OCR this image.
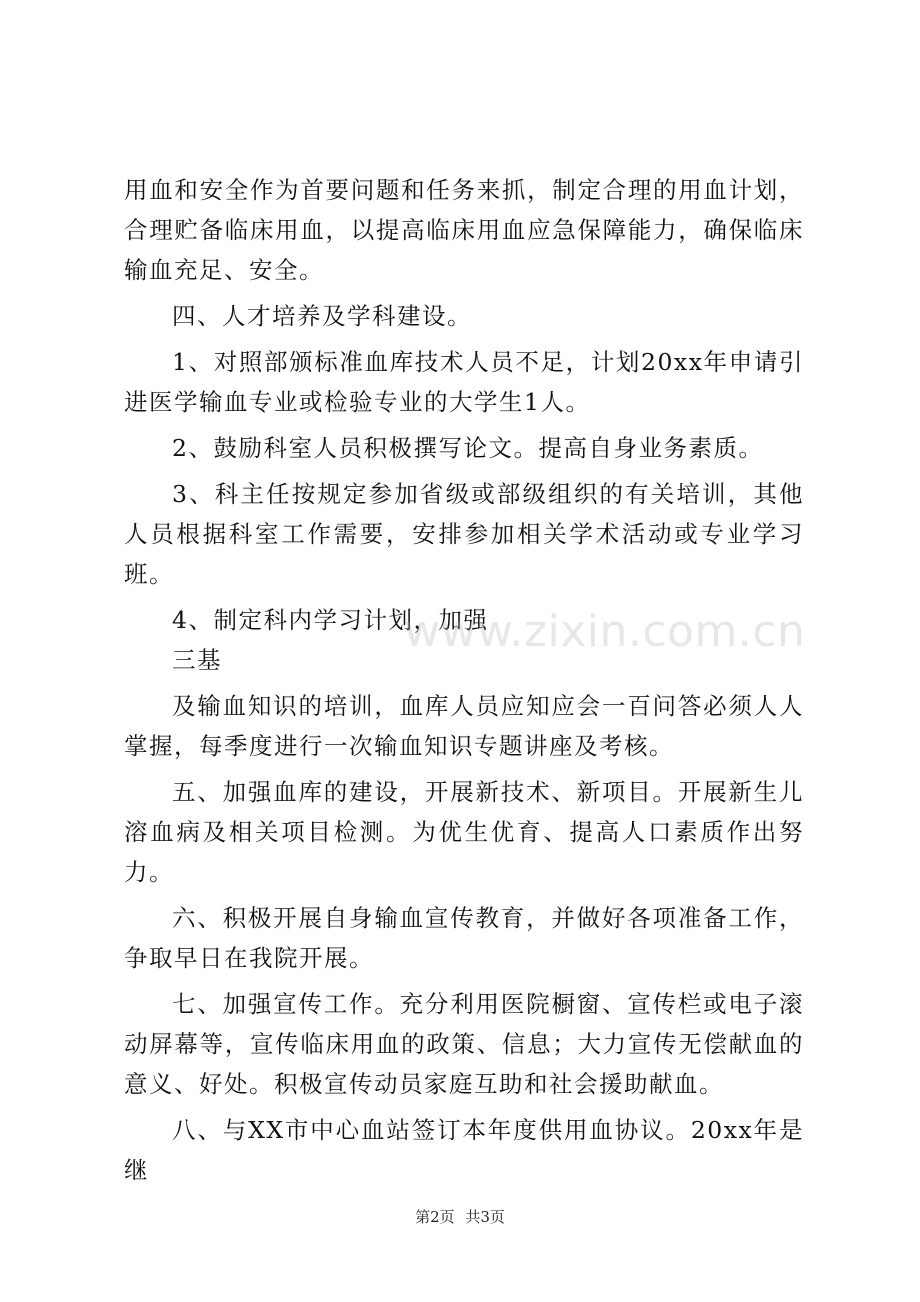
用血和安全作为首要问题和任务来抓，制定合理的用血计划，合理贮备临床用血，以提高临床用血应急保障能力，确保临床输血充足、安全。

四、人才培养及学科建设。

1、对照部颁标准血库技术人员不足，计划20xx年申请引进医学输血专业或检验专业的大学生1人。

2、鼓励科室人员积极撰写论文。提高自身业务素质。

3、科主任按规定参加省级或部级组织的有关培训，其他人员根据科室工作需要，安排参加相关学术活动或专业学习班。

4、制定科内学习计划，加强

三基

及输血知识的培训，血库人员应知应会一百问答必须人人掌握，每季度进行一次输血知识专题讲座及考核。

五、加强血库的建设，开展新技术、新项目。开展新生儿溶血病及相关项目检测。为优生优育、提高人口素质作出努力。

六、积极开展自身输血宣传教育，并做好各项准备工作，争取早日在我院开展。

七、加强宣传工作。充分利用医院橱窗、宣传栏或电子滚动屏幕等，宣传临床用血的政策、信息；大力宣传无偿献血的意义、好处。积极宣传动员家庭互助和社会援助献血。

八、与XX市中心血站签订本年度供用血协议。20xx年是继

www.zixin.com.cn
第2页 共3页
